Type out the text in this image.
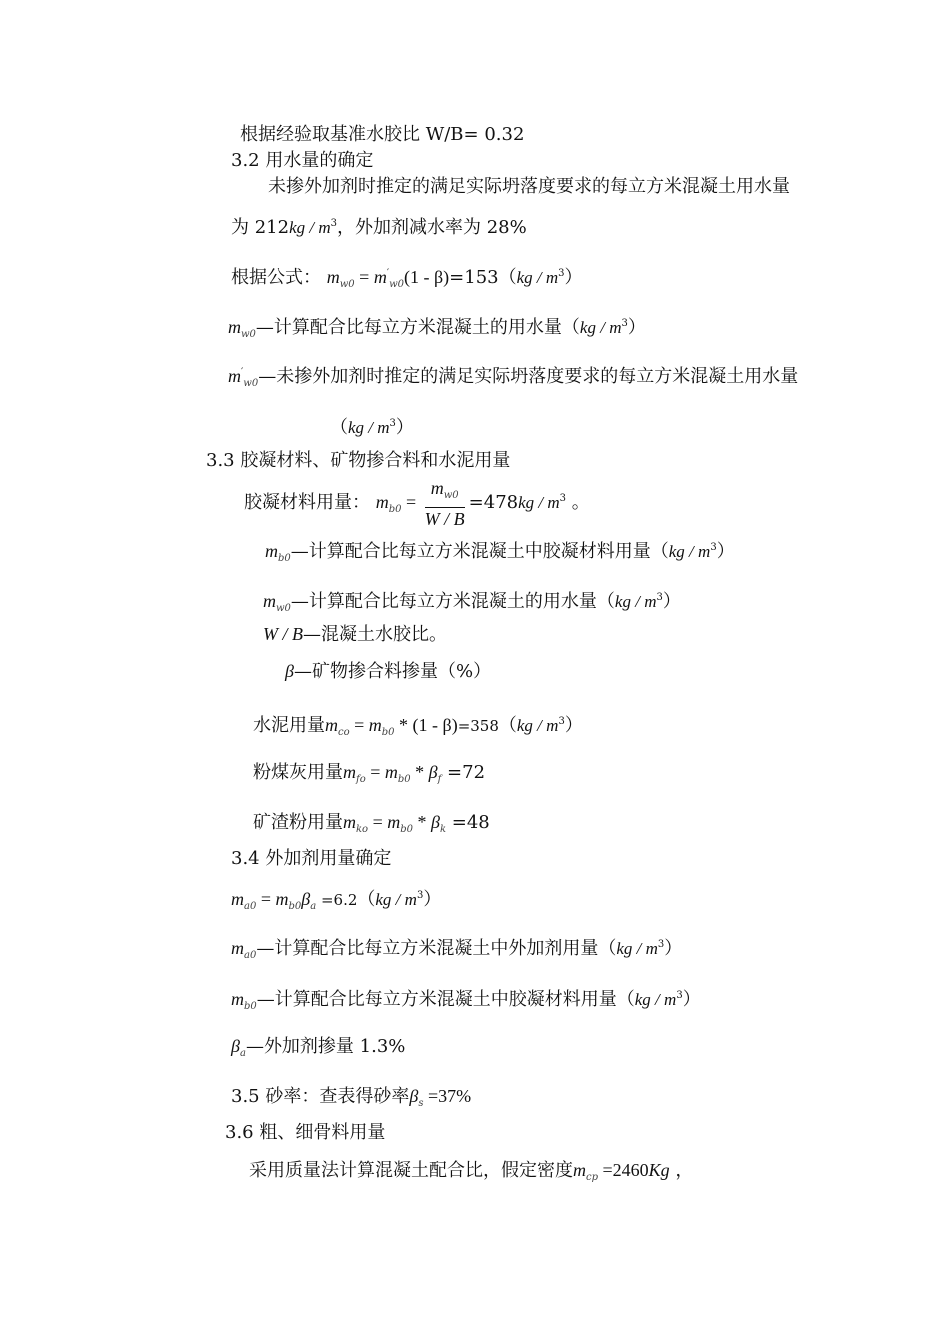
根据经验取基准水胶比 W/B= 0.32
3.2 用水量的确定
未掺外加剂时推定的满足实际坍落度要求的每立方米混凝土用水量
为 $212kg / m^3$，外加剂减水率为 28%
根据公式： $m_{w0} = m'_{w0}(1 - \beta)=153(kg / m^3)$
$m_{w0}—$计算配合比每立方米混凝土的用水量$(kg / m^3)$
$m'_{w0}—$未掺外加剂时推定的满足实际坍落度要求的每立方米混凝土用水量
$(kg / m^3)$
3.3 胶凝材料、矿物掺合料和水泥用量
胶凝材料用量： $m_{b0} = \frac{m_{w0}}{W / B} =478kg / m^3$ 。
$m_{b0}—$计算配合比每立方米混凝土中胶凝材料用量$(kg / m^3)$
$m_{w0}—$计算配合比每立方米混凝土的用水量$(kg / m^3)$
W / B—混凝土水胶比。
β—矿物掺合料掺量（%）
水泥用量$m_{co} = m_{b0} * (1 - \beta)=358(kg / m^3)$
粉煤灰用量$m_{fo} = m_{b0} * \beta_f =72$
矿渣粉用量$m_{ko} = m_{b0} * \beta_k =48$
3.4 外加剂用量确定
$m_{a0} = m_{b0}\beta_a =6.2(kg / m^3)$
$m_{a0}—$计算配合比每立方米混凝土中外加剂用量$(kg / m^3)$
$m_{b0}—$计算配合比每立方米混凝土中胶凝材料用量$(kg / m^3)$
$\beta_a—$外加剂掺量 1.3%
3.5 砂率：查表得砂率$\beta_s =37\%$
3.6 粗、细骨料用量
采用质量法计算混凝土配合比，假定密度$m_{cp} =2460Kg$ ，
